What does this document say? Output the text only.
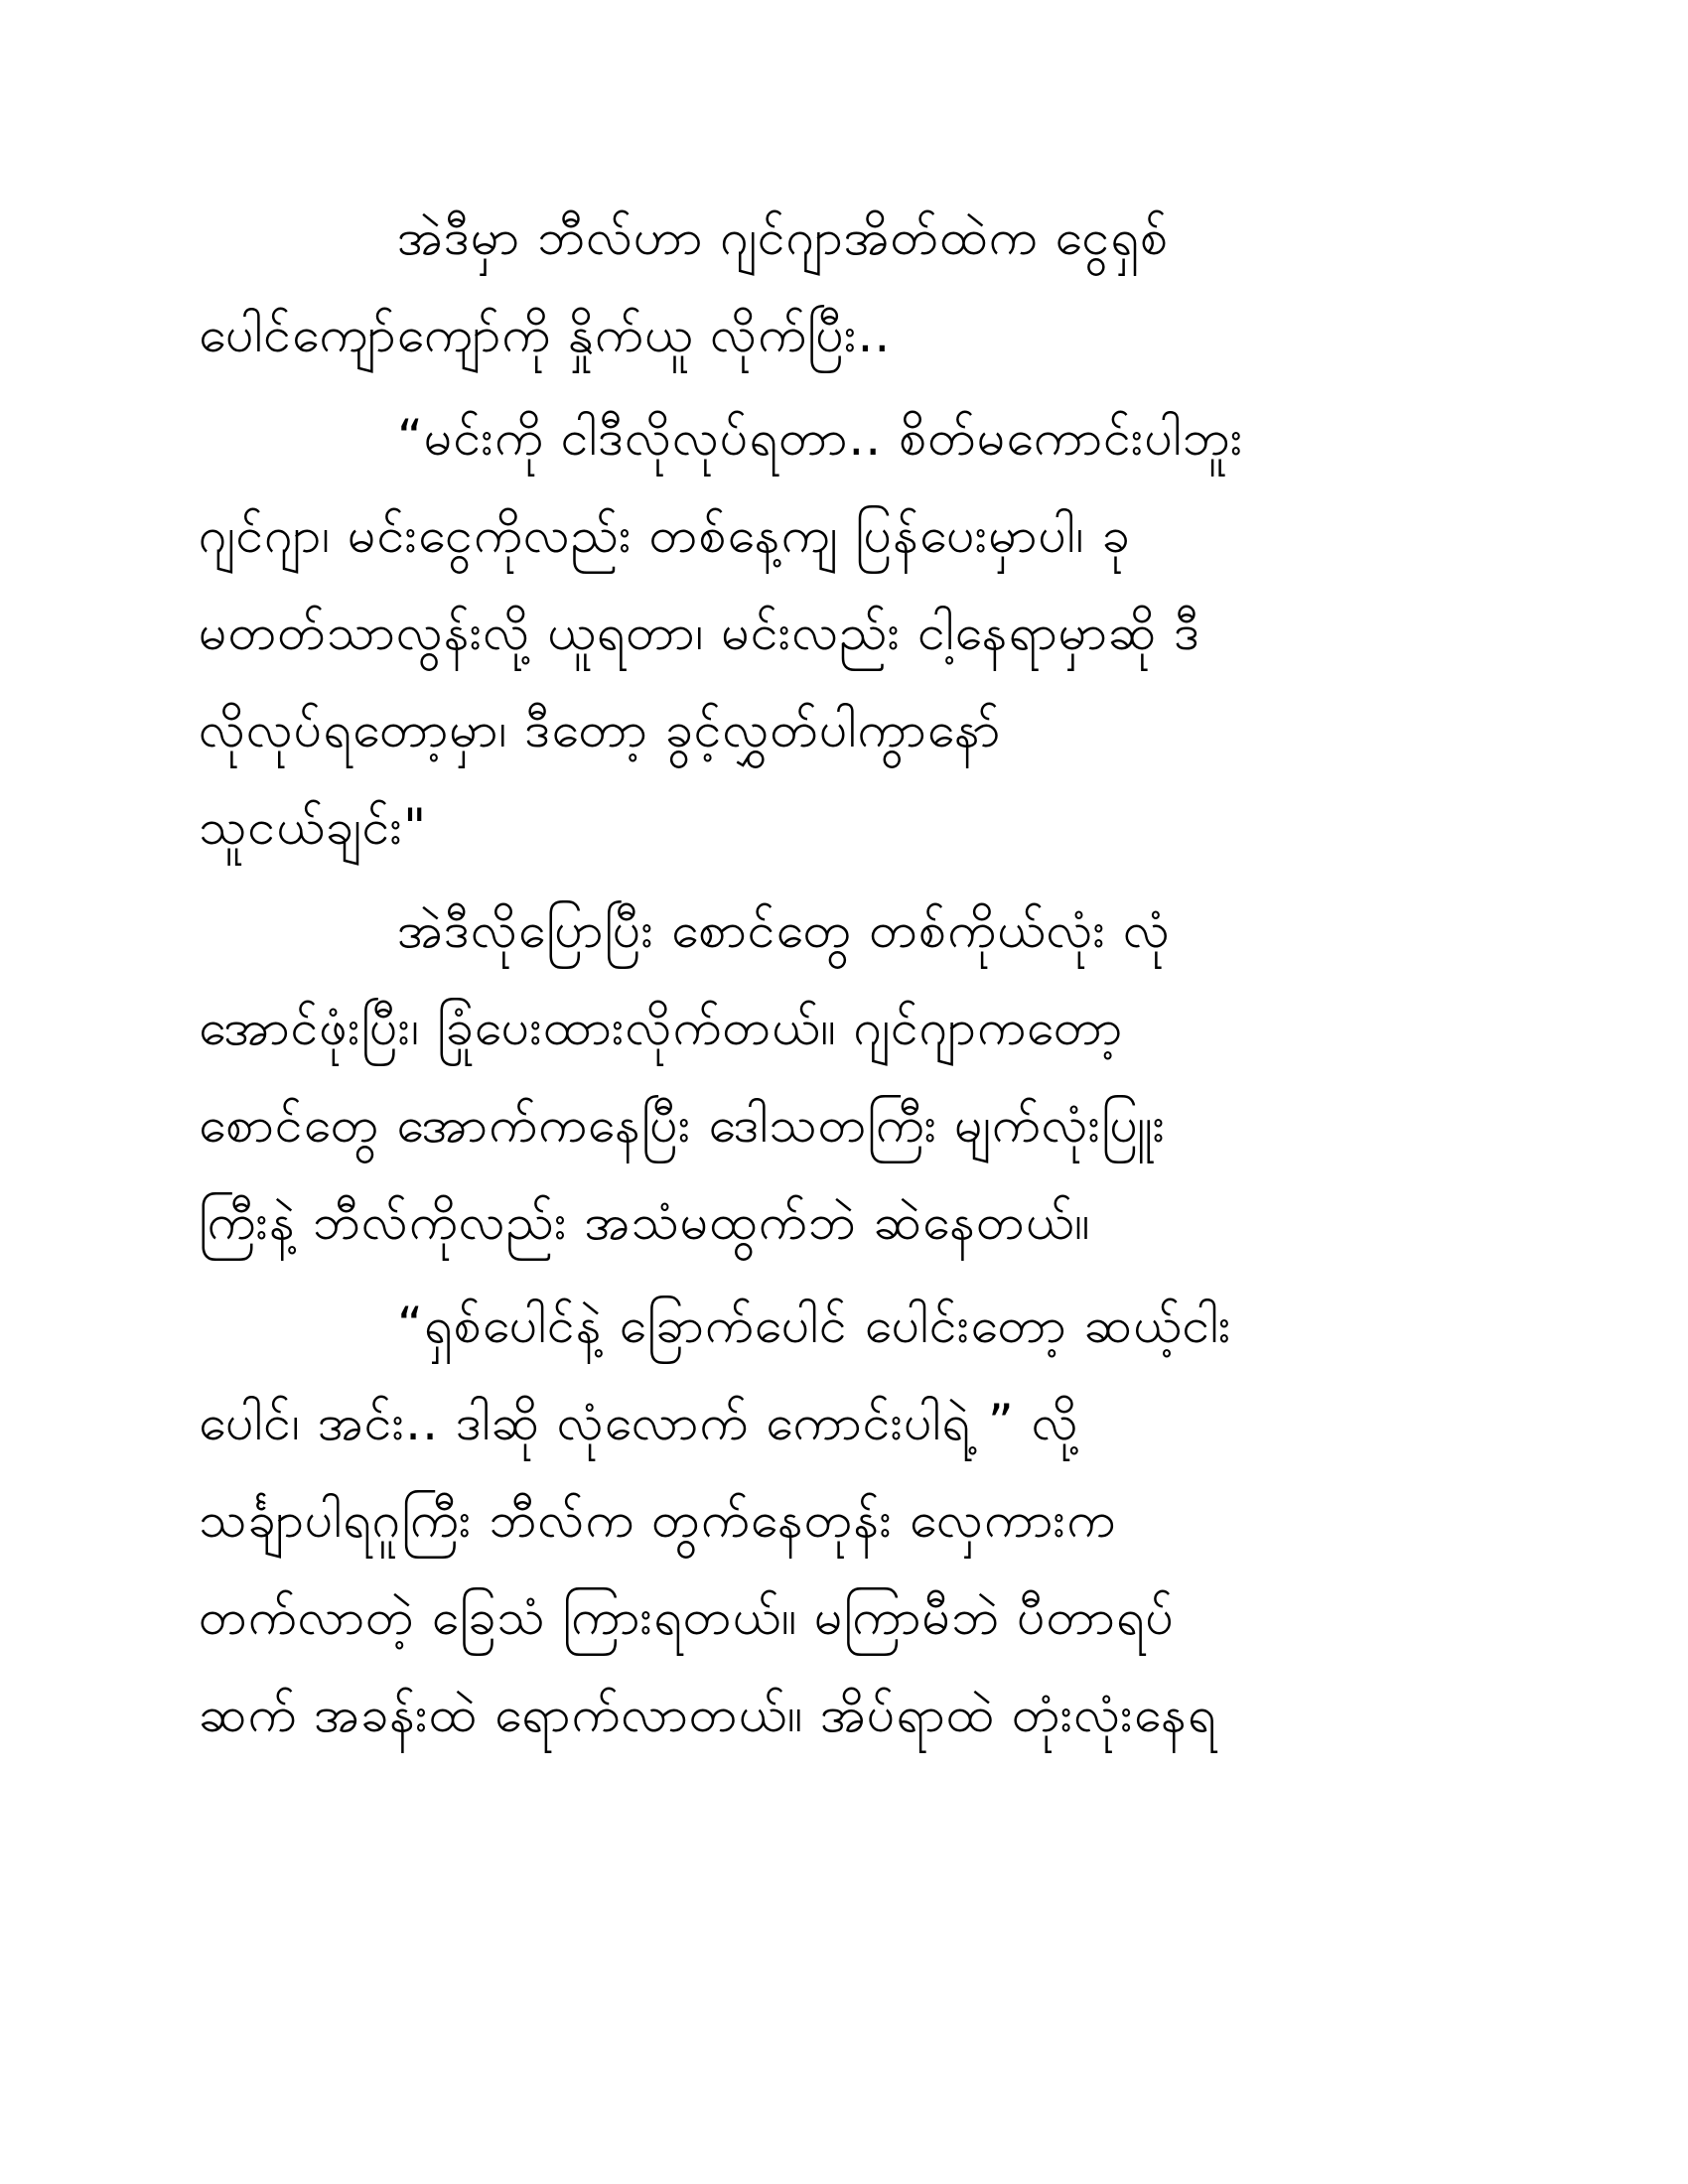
အဲဒီမှာ ဘီလ်ဟာ ဂျင်ဂျာအိတ်ထဲက ငွေရှစ်
ပေါင်ကျော်ကျော်ကို နှိုက်ယူ လိုက်ပြီး..
“မင်းကို ငါဒီလိုလုပ်ရတာ.. စိတ်မကောင်းပါဘူး
ဂျင်ဂျာ၊ မင်းငွေကိုလည်း တစ်နေ့ကျ ပြန်ပေးမှာပါ၊ ခု
မတတ်သာလွန်းလို့ ယူရတာ၊ မင်းလည်း ငါ့နေရာမှာဆို ဒီ
လိုလုပ်ရတော့မှာ၊ ဒီတော့ ခွင့်လွှတ်ပါကွာနော်
သူငယ်ချင်း"
အဲဒီလိုပြောပြီး စောင်တွေ တစ်ကိုယ်လုံး လုံ
အောင်ဖုံးပြီး၊ ခြုံပေးထားလိုက်တယ်။ ဂျင်ဂျာကတော့
စောင်တွေ အောက်ကနေပြီး ဒေါသတကြီး မျက်လုံးပြူး
ကြီးနဲ့ ဘီလ်ကိုလည်း အသံမထွက်ဘဲ ဆဲနေတယ်။
“ရှစ်ပေါင်နဲ့ ခြောက်ပေါင် ပေါင်းတော့ ဆယ့်ငါး
ပေါင်၊ အင်း.. ဒါဆို လုံလောက် ကောင်းပါရဲ့ ” လို့
သင်္ချာပါရဂူကြီး ဘီလ်က တွက်နေတုန်း လှေကားက
တက်လာတဲ့ ခြေသံ ကြားရတယ်။ မကြာမီဘဲ ပီတာရပ်
ဆက် အခန်းထဲ ရောက်လာတယ်။ အိပ်ရာထဲ တုံးလုံးနေရ
